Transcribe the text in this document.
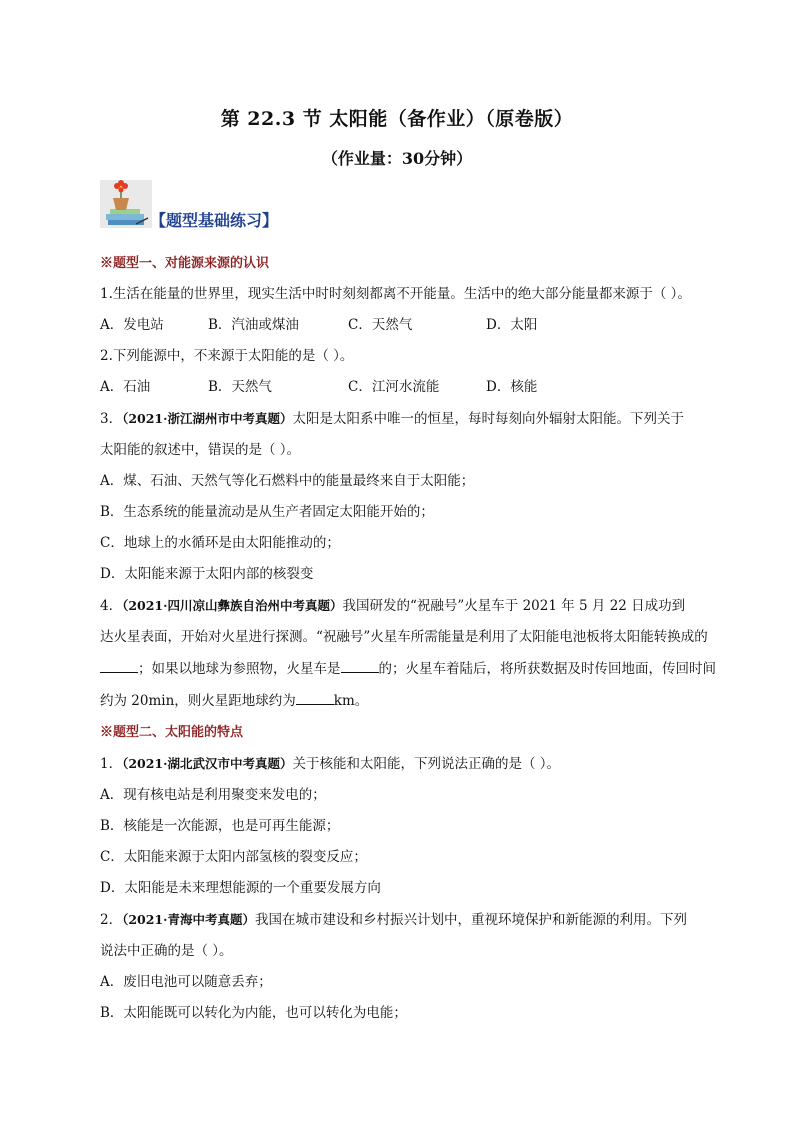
第 22.3 节 太阳能（备作业）（原卷版）
（作业量：30分钟）
【题型基础练习】

※题型一、对能源来源的认识

1.生活在能量的世界里，现实生活中时时刻刻都离不开能量。生活中的绝大部分能量都来源于（ ）。

A．发电站	B．汽油或煤油	C．天然气	D．太阳

2.下列能源中，不来源于太阳能的是（ ）。

A．石油	B．天然气	C．江河水流能	D．核能

3．（2021·浙江湖州市中考真题）太阳是太阳系中唯一的恒星，每时每刻向外辐射太阳能。下列关于

太阳能的叙述中，错误的是（ ）。

A．煤、石油、天然气等化石燃料中的能量最终来自于太阳能；

B．生态系统的能量流动是从生产者固定太阳能开始的；

C．地球上的水循环是由太阳能推动的；

D．太阳能来源于太阳内部的核裂变

4．（2021·四川凉山彝族自治州中考真题）我国研发的“祝融号”火星车于 2021 年 5 月 22 日成功到

达火星表面，开始对火星进行探测。“祝融号”火星车所需能量是利用了太阳能电池板将太阳能转换成的

；如果以地球为参照物，火星车是	的；火星车着陆后，将所获数据及时传回地面，传回时间

约为 20min，则火星距地球约为	km。

※题型二、太阳能的特点

1．（2021·湖北武汉市中考真题）关于核能和太阳能，下列说法正确的是（ ）。

A．现有核电站是利用聚变来发电的；

B．核能是一次能源，也是可再生能源；

C．太阳能来源于太阳内部氢核的裂变反应；

D．太阳能是未来理想能源的一个重要发展方向

2．（2021·青海中考真题）我国在城市建设和乡村振兴计划中，重视环境保护和新能源的利用。下列

说法中正确的是（ ）。

A．废旧电池可以随意丢弃；

B．太阳能既可以转化为内能，也可以转化为电能；
